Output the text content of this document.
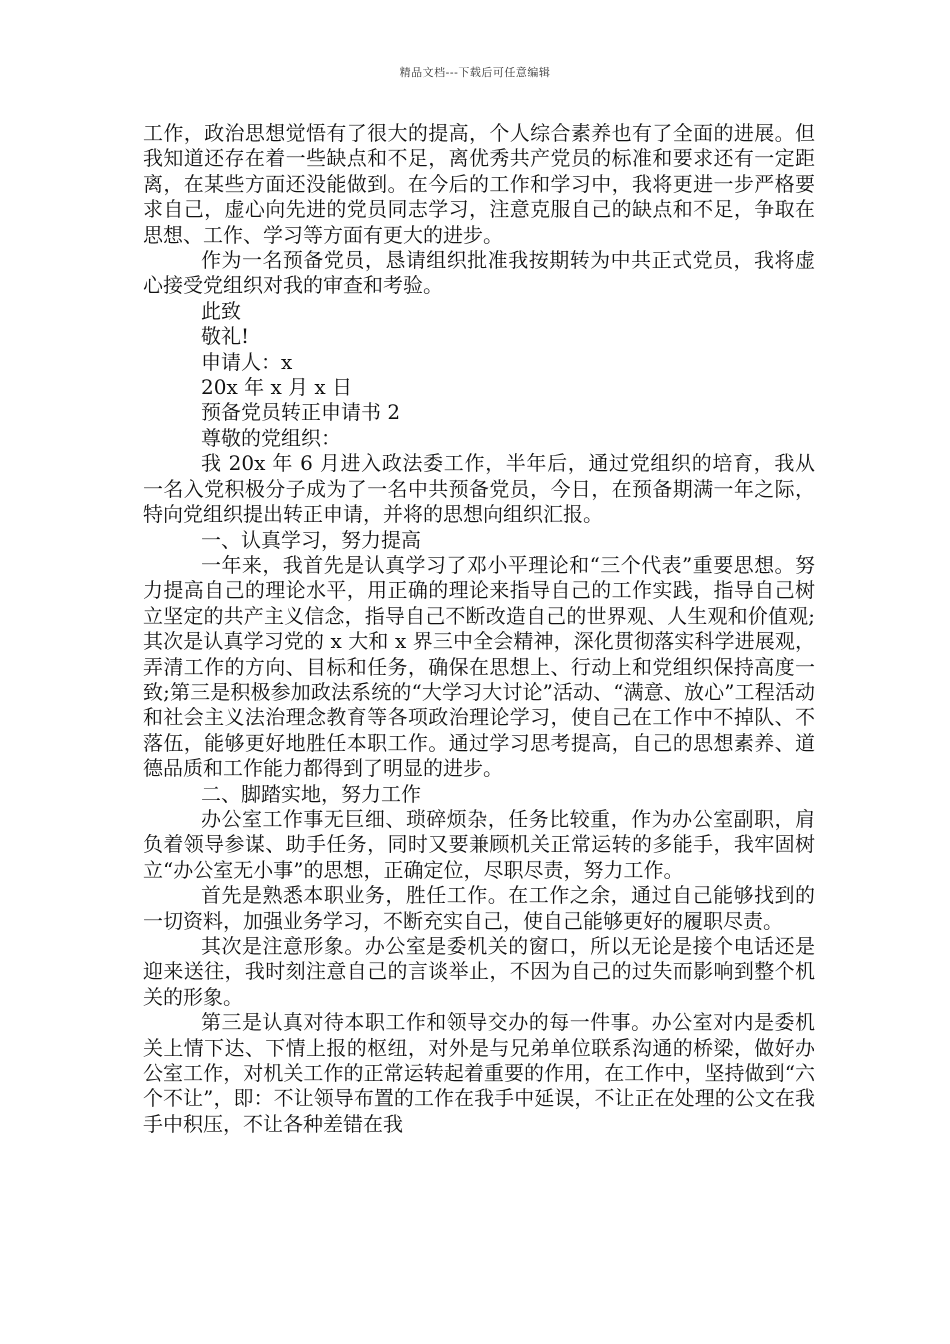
精品文档---下载后可任意编辑

工作，政治思想觉悟有了很大的提高，个人综合素养也有了全面的进展。但我知道还存在着一些缺点和不足，离优秀共产党员的标准和要求还有一定距离，在某些方面还没能做到。在今后的工作和学习中，我将更进一步严格要求自己，虚心向先进的党员同志学习，注意克服自己的缺点和不足，争取在思想、工作、学习等方面有更大的进步。

作为一名预备党员，恳请组织批准我按期转为中共正式党员，我将虚心接受党组织对我的审查和考验。

此致

敬礼!

申请人：x

20x 年 x 月 x 日

预备党员转正申请书 2

尊敬的党组织：

我 20x 年 6 月进入政法委工作，半年后，通过党组织的培育，我从一名入党积极分子成为了一名中共预备党员，今日，在预备期满一年之际，特向党组织提出转正申请，并将的思想向组织汇报。

一、认真学习，努力提高

一年来，我首先是认真学习了邓小平理论和“三个代表”重要思想。努力提高自己的理论水平，用正确的理论来指导自己的工作实践，指导自己树立坚定的共产主义信念，指导自己不断改造自己的世界观、人生观和价值观;其次是认真学习党的 x 大和 x 界三中全会精神，深化贯彻落实科学进展观，弄清工作的方向、目标和任务，确保在思想上、行动上和党组织保持高度一致;第三是积极参加政法系统的“大学习大讨论”活动、“满意、放心”工程活动和社会主义法治理念教育等各项政治理论学习，使自己在工作中不掉队、不落伍，能够更好地胜任本职工作。通过学习思考提高，自己的思想素养、道德品质和工作能力都得到了明显的进步。

二、脚踏实地，努力工作

办公室工作事无巨细、琐碎烦杂，任务比较重，作为办公室副职，肩负着领导参谋、助手任务，同时又要兼顾机关正常运转的多能手，我牢固树立“办公室无小事”的思想，正确定位，尽职尽责，努力工作。

首先是熟悉本职业务，胜任工作。在工作之余，通过自己能够找到的一切资料，加强业务学习，不断充实自己，使自己能够更好的履职尽责。

其次是注意形象。办公室是委机关的窗口，所以无论是接个电话还是迎来送往，我时刻注意自己的言谈举止，不因为自己的过失而影响到整个机关的形象。

第三是认真对待本职工作和领导交办的每一件事。办公室对内是委机关上情下达、下情上报的枢纽，对外是与兄弟单位联系沟通的桥梁，做好办公室工作，对机关工作的正常运转起着重要的作用，在工作中，坚持做到“六个不让”，即：不让领导布置的工作在我手中延误，不让正在处理的公文在我手中积压，不让各种差错在我
